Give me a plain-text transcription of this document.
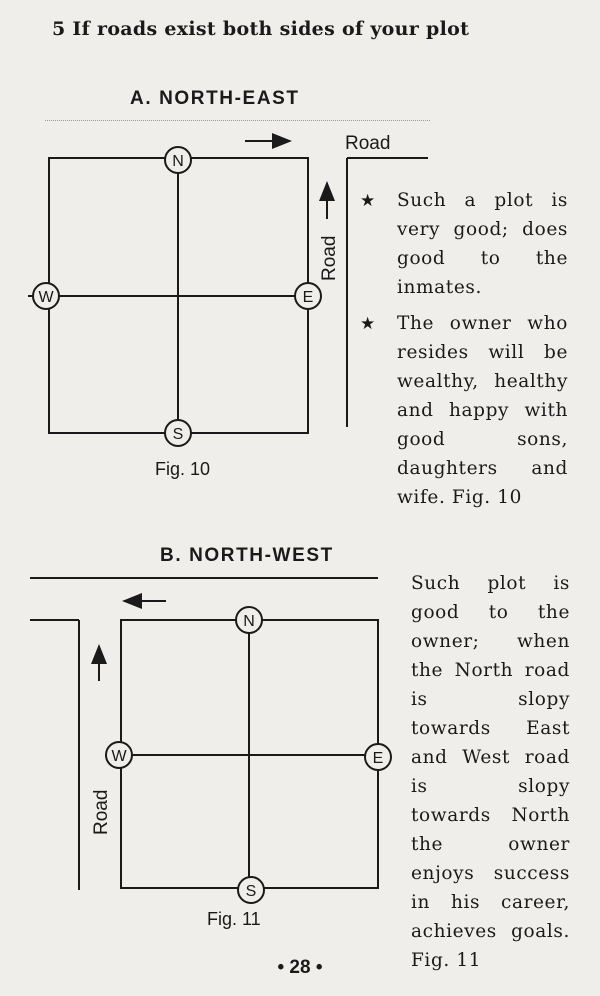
5 If roads exist both sides of your plot
A. NORTH-EAST
N
S
E
W
Road
Road
Fig. 10
★ Such a plot is very good; does good to the inmates.
★ The owner who resides will be wealthy, healthy and happy with good sons, daughters and wife. Fig. 10
B. NORTH-WEST
N
S
E
W
Road
Fig. 11
Such plot is good to the owner; when the North road is slopy towards East and West road is slopy towards North the owner enjoys success in his career, achieves goals. Fig. 11
• 28 •
